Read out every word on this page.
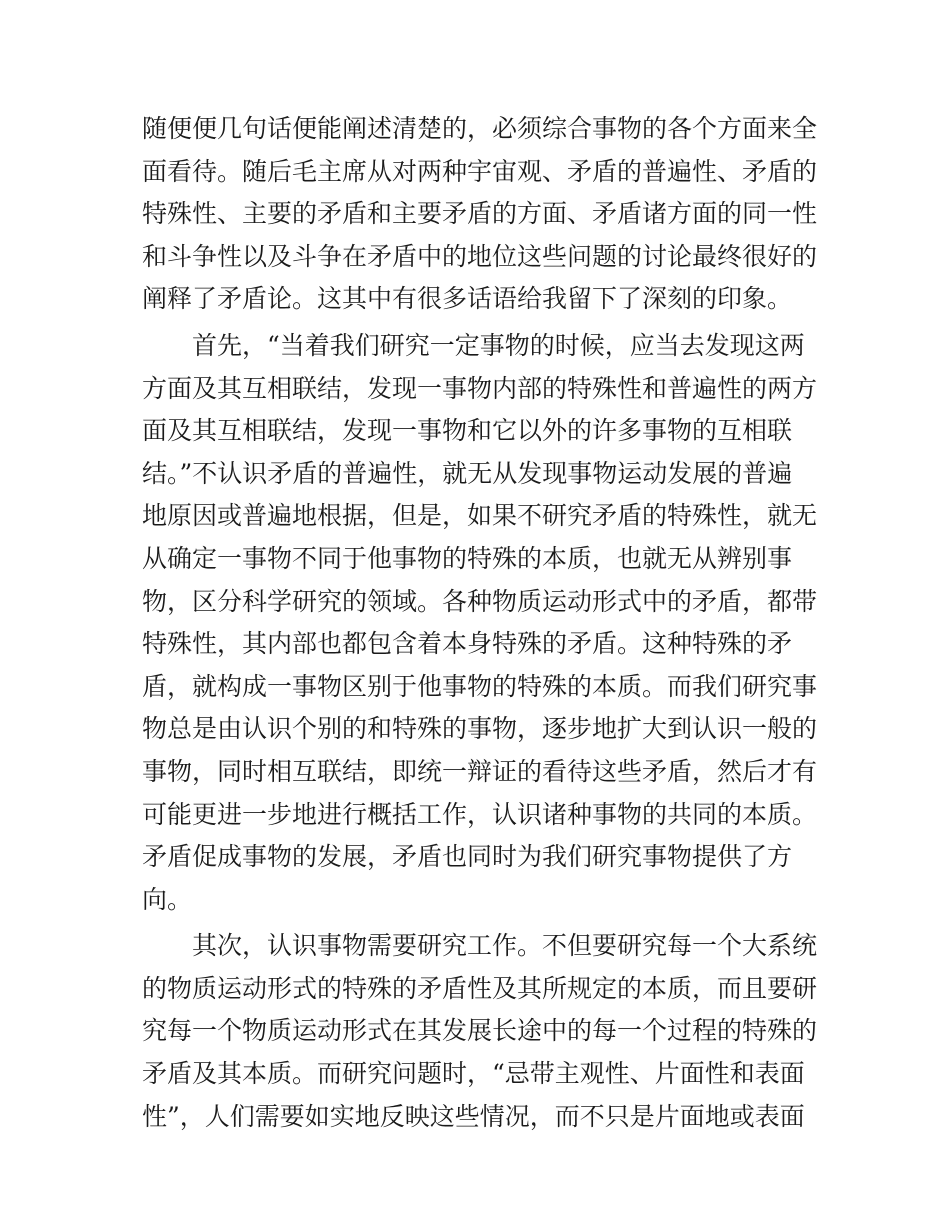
随便便几句话便能阐述清楚的，必须综合事物的各个方面来全
面看待。随后毛主席从对两种宇宙观、矛盾的普遍性、矛盾的
特殊性、主要的矛盾和主要矛盾的方面、矛盾诸方面的同一性
和斗争性以及斗争在矛盾中的地位这些问题的讨论最终很好的
阐释了矛盾论。这其中有很多话语给我留下了深刻的印象。
首先，“当着我们研究一定事物的时候，应当去发现这两
方面及其互相联结，发现一事物内部的特殊性和普遍性的两方
面及其互相联结，发现一事物和它以外的许多事物的互相联
结。”不认识矛盾的普遍性，就无从发现事物运动发展的普遍
地原因或普遍地根据，但是，如果不研究矛盾的特殊性，就无
从确定一事物不同于他事物的特殊的本质，也就无从辨别事
物，区分科学研究的领域。各种物质运动形式中的矛盾，都带
特殊性，其内部也都包含着本身特殊的矛盾。这种特殊的矛
盾，就构成一事物区别于他事物的特殊的本质。而我们研究事
物总是由认识个别的和特殊的事物，逐步地扩大到认识一般的
事物，同时相互联结，即统一辩证的看待这些矛盾，然后才有
可能更进一步地进行概括工作，认识诸种事物的共同的本质。
矛盾促成事物的发展，矛盾也同时为我们研究事物提供了方
向。
其次，认识事物需要研究工作。不但要研究每一个大系统
的物质运动形式的特殊的矛盾性及其所规定的本质，而且要研
究每一个物质运动形式在其发展长途中的每一个过程的特殊的
矛盾及其本质。而研究问题时，“忌带主观性、片面性和表面
性”，人们需要如实地反映这些情况，而不只是片面地或表面
